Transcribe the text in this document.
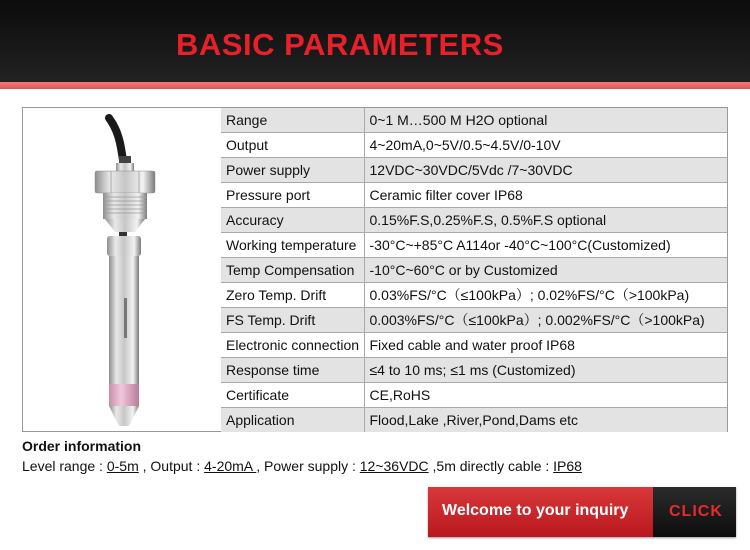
BASIC PARAMETERS
Range	0~1 M…500 M H2O optional
Output	4~20mA,0~5V/0.5~4.5V/0-10V
Power supply	12VDC~30VDC/5Vdc /7~30VDC
Pressure port	Ceramic filter cover IP68
Accuracy	0.15%F.S,0.25%F.S, 0.5%F.S optional
Working temperature	-30°C~+85°C A114or -40°C~100°C(Customized)
Temp Compensation	-10°C~60°C or by Customized
Zero Temp. Drift	0.03%FS/°C（≤100kPa）; 0.02%FS/°C（>100kPa)
FS Temp. Drift	0.003%FS/°C（≤100kPa）; 0.002%FS/°C（>100kPa)
Electronic connection	Fixed cable and water proof IP68
Response time	≤4 to 10 ms; ≤1 ms (Customized)
Certificate	CE,RoHS
Application	Flood,Lake ,River,Pond,Dams etc
Order information
Level range : 0-5m , Output : 4-20mA , Power supply : 12~36VDC ,5m directly cable : IP68
Welcome to your inquiry	CLICK
